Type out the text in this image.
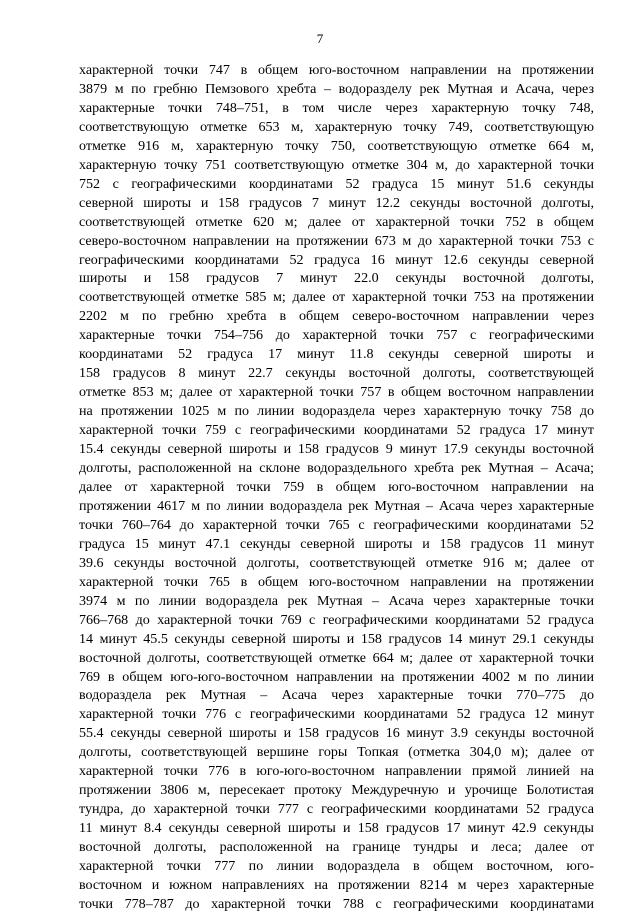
7
характерной точки 747 в общем юго-восточном направлении на протяжении
3879 м по гребню Пемзового хребта – водоразделу рек Мутная и Асача, через
характерные точки 748–751, в том числе через характерную точку 748,
соответствующую отметке 653 м, характерную точку 749, соответствующую
отметке 916 м, характерную точку 750, соответствующую отметке 664 м,
характерную точку 751 соответствующую отметке 304 м, до характерной точки
752 с географическими координатами 52 градуса 15 минут 51.6 секунды
северной широты и 158 градусов 7 минут 12.2 секунды восточной долготы,
соответствующей отметке 620 м; далее от характерной точки 752 в общем
северо-восточном направлении на протяжении 673 м до характерной точки 753 с
географическими координатами 52 градуса 16 минут 12.6 секунды северной
широты и 158 градусов 7 минут 22.0 секунды восточной долготы,
соответствующей отметке 585 м; далее от характерной точки 753 на протяжении
2202 м по гребню хребта в общем северо-восточном направлении через
характерные точки 754–756 до характерной точки 757 с географическими
координатами 52 градуса 17 минут 11.8 секунды северной широты и
158 градусов 8 минут 22.7 секунды восточной долготы, соответствующей
отметке 853 м; далее от характерной точки 757 в общем восточном направлении
на протяжении 1025 м по линии водораздела через характерную точку 758 до
характерной точки 759 с географическими координатами 52 градуса 17 минут
15.4 секунды северной широты и 158 градусов 9 минут 17.9 секунды восточной
долготы, расположенной на склоне водораздельного хребта рек Мутная – Асача;
далее от характерной точки 759 в общем юго-восточном направлении на
протяжении 4617 м по линии водораздела рек Мутная – Асача через характерные
точки 760–764 до характерной точки 765 с географическими координатами 52
градуса 15 минут 47.1 секунды северной широты и 158 градусов 11 минут
39.6 секунды восточной долготы, соответствующей отметке 916 м; далее от
характерной точки 765 в общем юго-восточном направлении на протяжении
3974 м по линии водораздела рек Мутная – Асача через характерные точки
766–768 до характерной точки 769 с географическими координатами 52 градуса
14 минут 45.5 секунды северной широты и 158 градусов 14 минут 29.1 секунды
восточной долготы, соответствующей отметке 664 м; далее от характерной точки
769 в общем юго-юго-восточном направлении на протяжении 4002 м по линии
водораздела рек Мутная – Асача через характерные точки 770–775 до
характерной точки 776 с географическими координатами 52 градуса 12 минут
55.4 секунды северной широты и 158 градусов 16 минут 3.9 секунды восточной
долготы, соответствующей вершине горы Топкая (отметка 304,0 м); далее от
характерной точки 776 в юго-юго-восточном направлении прямой линией на
протяжении 3806 м, пересекает протоку Междуречную и урочище Болотистая
тундра, до характерной точки 777 с географическими координатами 52 градуса
11 минут 8.4 секунды северной широты и 158 градусов 17 минут 42.9 секунды
восточной долготы, расположенной на границе тундры и леса; далее от
характерной точки 777 по линии водораздела в общем восточном, юго-
восточном и южном направлениях на протяжении 8214 м через характерные
точки 778–787 до характерной точки 788 с географическими координатами
